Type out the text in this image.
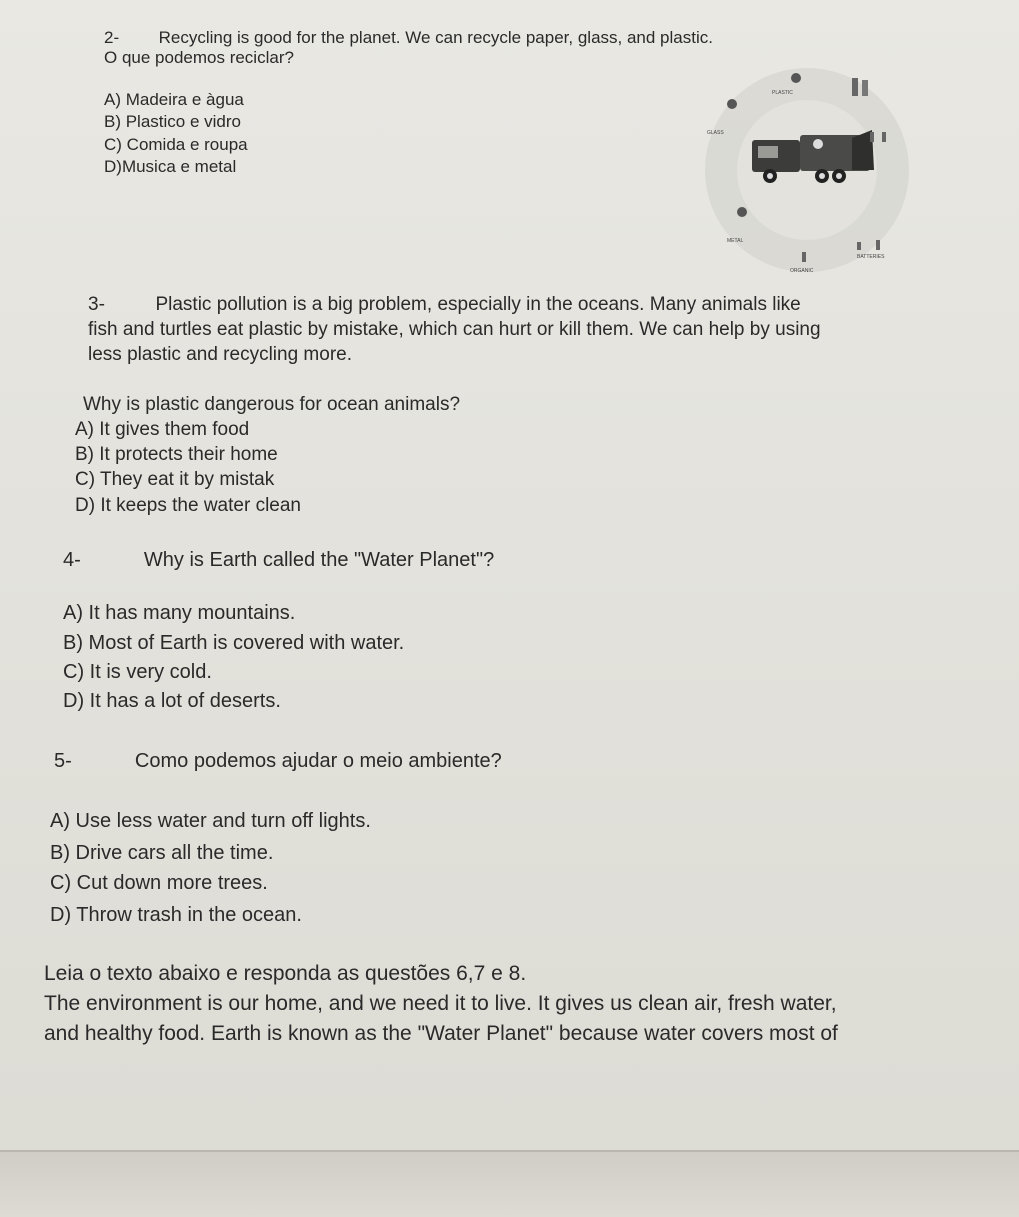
2- Recycling is good for the planet. We can recycle paper, glass, and plastic.

O que podemos reciclar?

A) Madeira e àgua

B) Plastico e vidro

C) Comida e roupa

D)Musica e metal

PLASTIC
GLASS
METAL
ORGANIC
BATTERIES

3-	Plastic pollution is a big problem, especially in the oceans. Many animals like

fish and turtles eat plastic by mistake, which can hurt or kill them. We can help by using

less plastic and recycling more.

Why is plastic dangerous for ocean animals?

A) It gives them food

B) It protects their home

C) They eat it by mistak

D) It keeps the water clean

4-	Why is Earth called the "Water Planet"?

A) It has many mountains.

B) Most of Earth is covered with water.

C) It is very cold.

D) It has a lot of deserts.

5-	Como podemos ajudar o meio ambiente?

A) Use less water and turn off lights.

B) Drive cars all the time.

C) Cut down more trees.

D) Throw trash in the ocean.

Leia o texto abaixo e responda as questões 6,7 e 8.

The environment is our home, and we need it to live. It gives us clean air, fresh water,

and healthy food. Earth is known as the "Water Planet" because water covers most of
